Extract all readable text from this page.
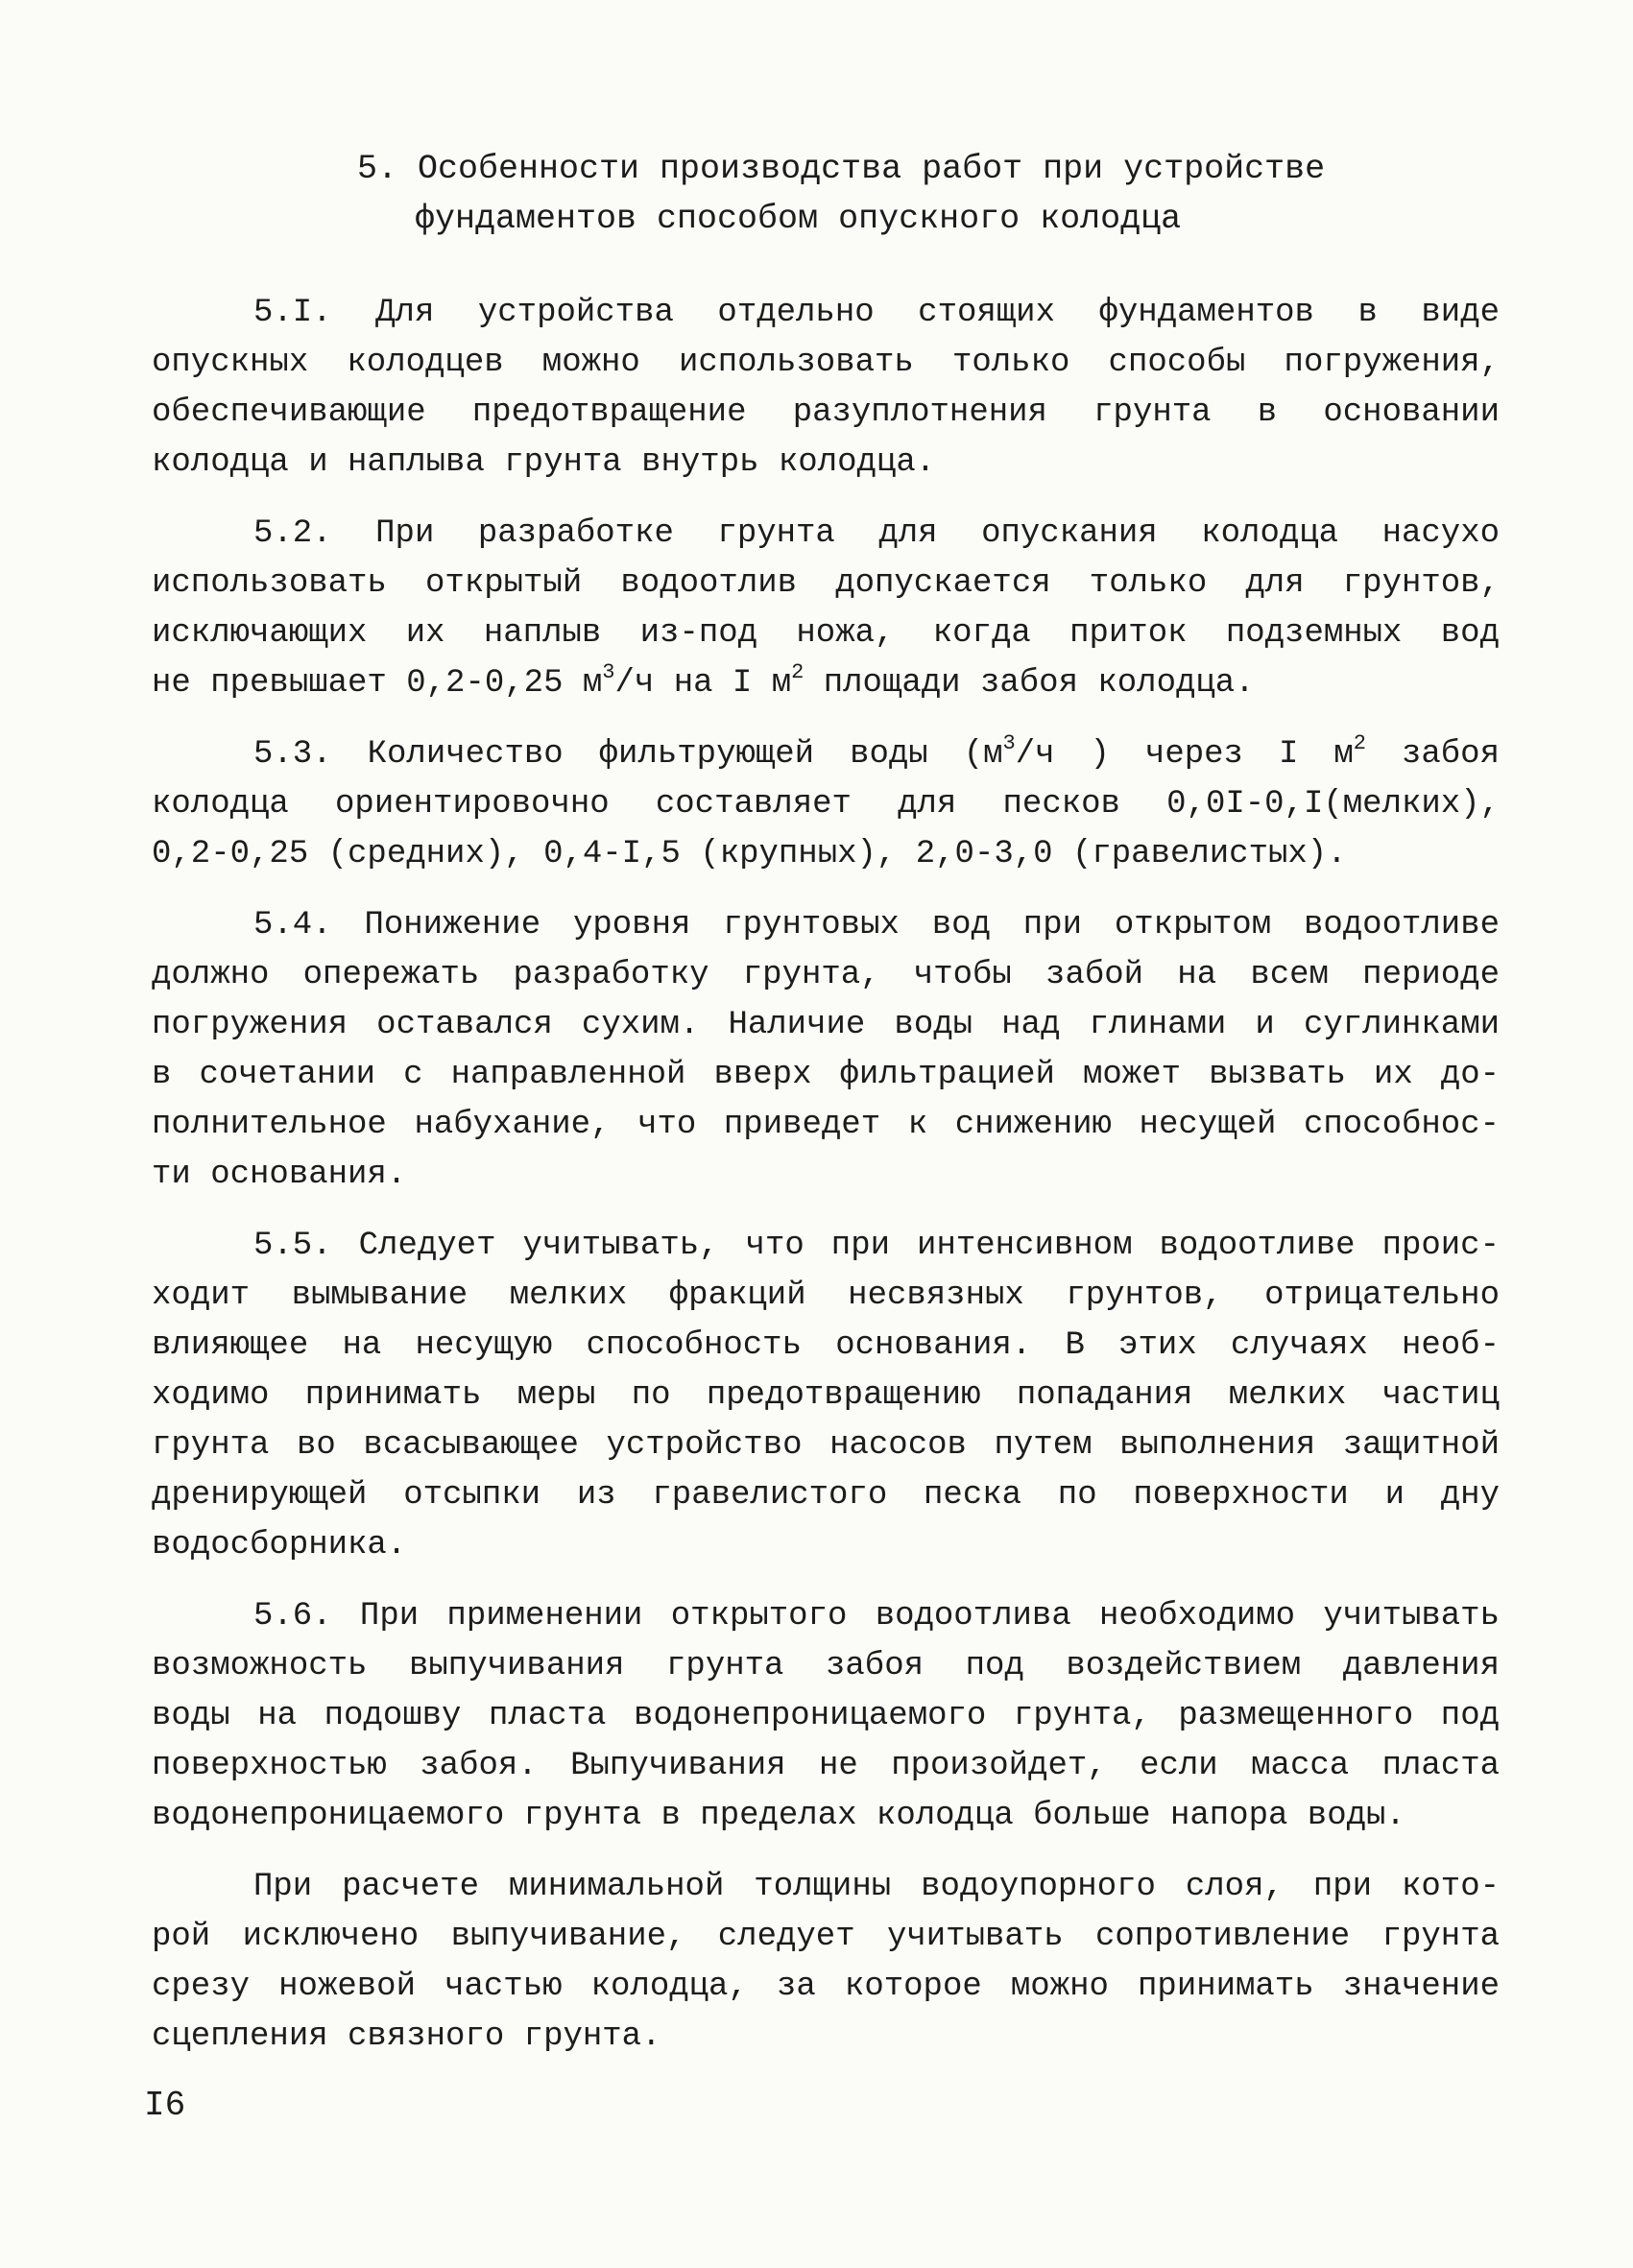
5. Особенности производства работ при устройстве
фундаментов способом опускного колодца
5.I. Для устройства отдельно стоящих фундаментов в виде
опускных колодцев можно использовать только способы погружения,
обеспечивающие предотвращение разуплотнения грунта в основании
колодца и наплыва грунта внутрь колодца.
5.2. При разработке грунта для опускания колодца насухо
использовать открытый водоотлив допускается только для грунтов,
исключающих их наплыв из-под ножа, когда приток подземных вод
не превышает 0,2-0,25 $м^3/ч$ на I $м^2$ площади забоя колодца.
5.3. Количество фильтрующей воды ($м^3/ч$ ) через I $м^2$ забоя
колодца ориентировочно составляет для песков 0,0I-0,I(мелких),
0,2-0,25 (средних), 0,4-I,5 (крупных), 2,0-3,0 (гравелистых).
5.4. Понижение уровня грунтовых вод при открытом водоотливе
должно опережать разработку грунта, чтобы забой на всем периоде
погружения оставался сухим. Наличие воды над глинами и суглинками
в сочетании с направленной вверх фильтрацией может вызвать их до-
полнительное набухание, что приведет к снижению несущей способнос-
ти основания.
5.5. Следует учитывать, что при интенсивном водоотливе проис-
ходит вымывание мелких фракций несвязных грунтов, отрицательно
влияющее на несущую способность основания. В этих случаях необ-
ходимо принимать меры по предотвращению попадания мелких частиц
грунта во всасывающее устройство насосов путем выполнения защитной
дренирующей отсыпки из гравелистого песка по поверхности и дну
водосборника.
5.6. При применении открытого водоотлива необходимо учитывать
возможность выпучивания грунта забоя под воздействием давления
воды на подошву пласта водонепроницаемого грунта, размещенного под
поверхностью забоя. Выпучивания не произойдет, если масса пласта
водонепроницаемого грунта в пределах колодца больше напора воды.
При расчете минимальной толщины водоупорного слоя, при кото-
рой исключено выпучивание, следует учитывать сопротивление грунта
срезу ножевой частью колодца, за которое можно принимать значение
сцепления связного грунта.
I6
